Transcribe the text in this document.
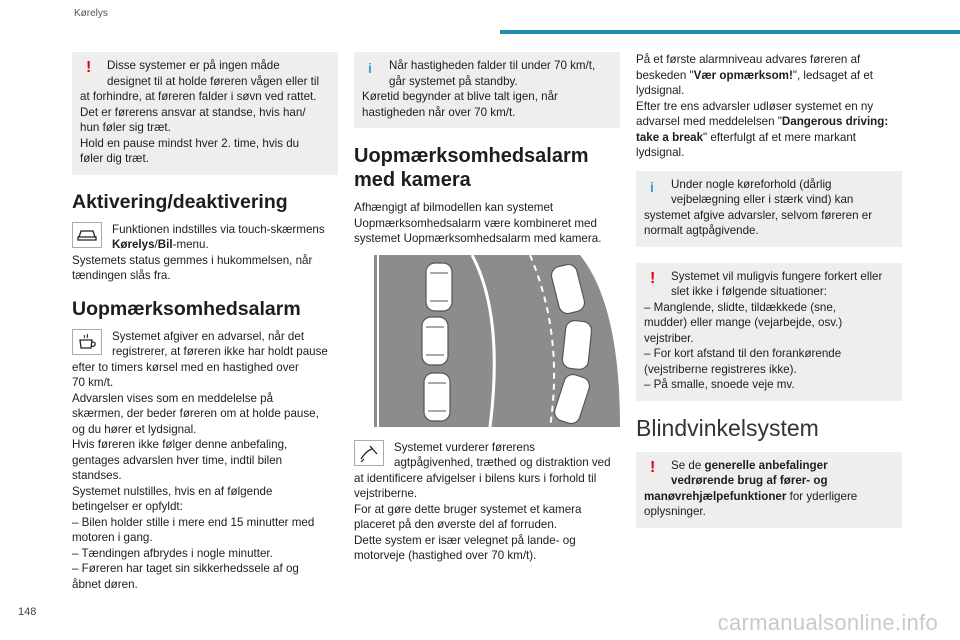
Kørelys
! Disse systemer er på ingen måde
designet til at holde føreren vågen eller til
at forhindre, at føreren falder i søvn ved rattet.
Det er førerens ansvar at standse, hvis han/
hun føler sig træt.
Hold en pause mindst hver 2. time, hvis du
føler dig træt.
Aktivering/deaktivering
Funktionen indstilles via touch-skærmens
Kørelys/Bil-menu.
Systemets status gemmes i hukommelsen, når
tændingen slås fra.
Uopmærksomhedsalarm
Systemet afgiver en advarsel, når det
registrerer, at føreren ikke har holdt pause
efter to timers kørsel med en hastighed over
70 km/t.
Advarslen vises som en meddelelse på
skærmen, der beder føreren om at holde pause,
og du hører et lydsignal.
Hvis føreren ikke følger denne anbefaling,
gentages advarslen hver time, indtil bilen
standses.
Systemet nulstilles, hvis en af følgende
betingelser er opfyldt:
– Bilen holder stille i mere end 15 minutter med
motoren i gang.
– Tændingen afbrydes i nogle minutter.
– Føreren har taget sin sikkerhedssele af og
åbnet døren.
i Når hastigheden falder til under 70 km/t,
går systemet på standby.
Køretid begynder at blive talt igen, når
hastigheden når over 70 km/t.
Uopmærksomhedsalarm
med kamera
Afhængigt af bilmodellen kan systemet
Uopmærksomhedsalarm være kombineret med
systemet Uopmærksomhedsalarm med kamera.
Systemet vurderer førerens
agtpågivenhed, træthed og distraktion ved
at identificere afvigelser i bilens kurs i forhold til
vejstriberne.
For at gøre dette bruger systemet et kamera
placeret på den øverste del af forruden.
Dette system er især velegnet på lande- og
motorveje (hastighed over 70 km/t).
På et første alarmniveau advares føreren af
beskeden "Vær opmærksom!", ledsaget af et
lydsignal.
Efter tre ens advarsler udløser systemet en ny
advarsel med meddelelsen "Dangerous driving:
take a break" efterfulgt af et mere markant
lydsignal.
i Under nogle køreforhold (dårlig
vejbelægning eller i stærk vind) kan
systemet afgive advarsler, selvom føreren er
normalt agtpågivende.
! Systemet vil muligvis fungere forkert eller
slet ikke i følgende situationer:
– Manglende, slidte, tildækkede (sne,
mudder) eller mange (vejarbejde, osv.)
vejstriber.
– For kort afstand til den forankørende
(vejstriberne registreres ikke).
– På smalle, snoede veje mv.
Blindvinkelsystem
! Se de generelle anbefalinger
vedrørende brug af fører- og
manøvrehjælpefunktioner for yderligere
oplysninger.
148	carmanualsonline.info
